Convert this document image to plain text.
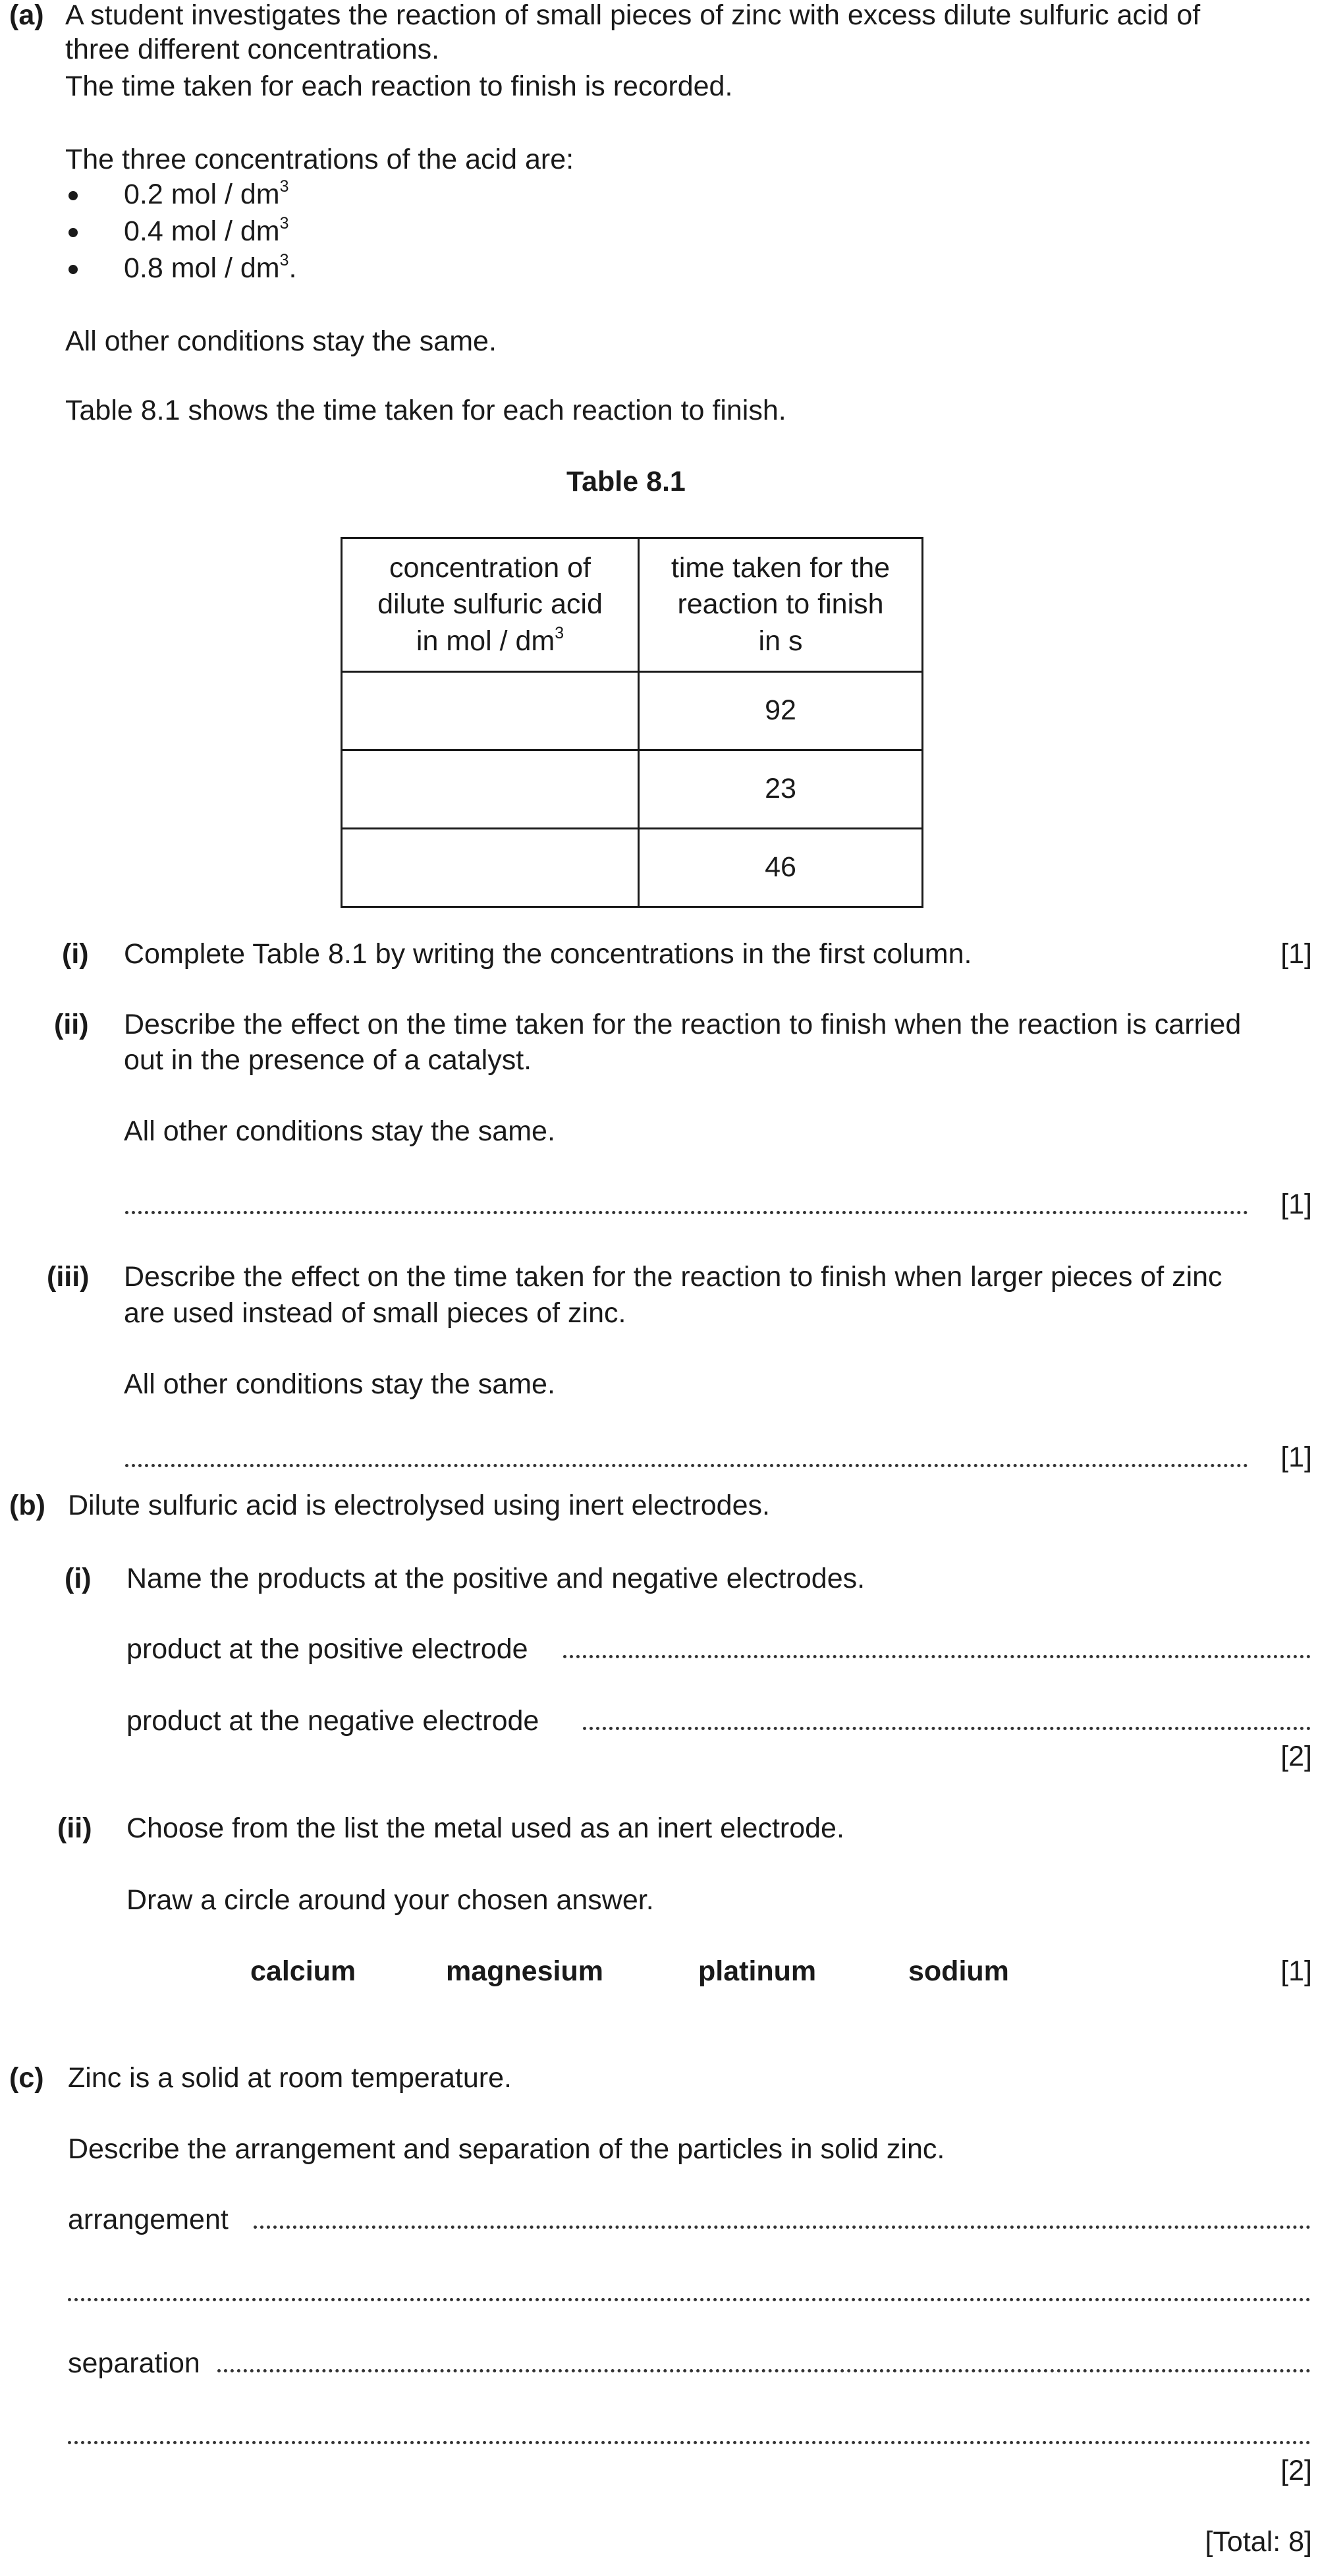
(a) A student investigates the reaction of small pieces of zinc with excess dilute sulfuric acid of
three different concentrations.
The time taken for each reaction to finish is recorded.
The three concentrations of the acid are:
0.2 mol / $dm^3$
0.4 mol / $dm^3$
0.8 mol / $dm^3$.
All other conditions stay the same.
Table 8.1 shows the time taken for each reaction to finish.
Table 8.1
concentration of
dilute sulfuric acid
in mol / $dm^3$	time taken for the
reaction to finish
in s
	92
	23
	46
(i) Complete Table 8.1 by writing the concentrations in the first column.	[1]
(ii) Describe the effect on the time taken for the reaction to finish when the reaction is carried
out in the presence of a catalyst.
All other conditions stay the same.
[1]
(iii) Describe the effect on the time taken for the reaction to finish when larger pieces of zinc
are used instead of small pieces of zinc.
All other conditions stay the same.
[1]
(b) Dilute sulfuric acid is electrolysed using inert electrodes.
(i) Name the products at the positive and negative electrodes.
product at the positive electrode
product at the negative electrode
[2]
(ii) Choose from the list the metal used as an inert electrode.
Draw a circle around your chosen answer.
calcium	magnesium	platinum	sodium	[1]
(c) Zinc is a solid at room temperature.
Describe the arrangement and separation of the particles in solid zinc.
arrangement
separation
[2]
[Total: 8]
